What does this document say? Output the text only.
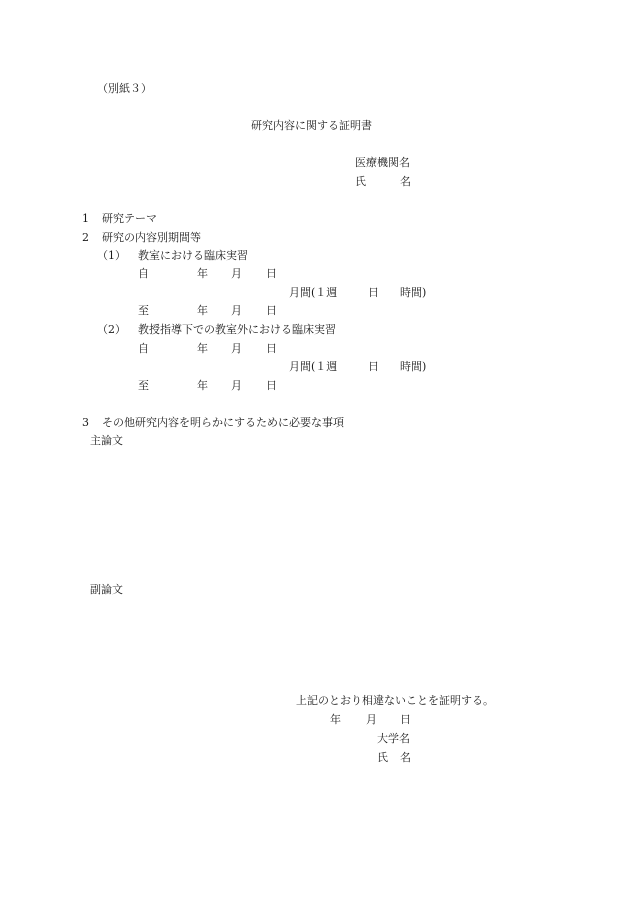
（別紙３）
研究内容に関する証明書
医療機関名
氏	名
1 研究テーマ
2 研究の内容別期間等
（1） 教室における臨床実習
自	年 月 日
月間(１週	日 時間)
至	年 月 日
（2） 教授指導下での教室外における臨床実習
自	年 月 日
月間(１週	日 時間)
至	年 月 日
3 その他研究内容を明らかにするために必要な事項
主論文
副論文
上記のとおり相違ないことを証明する。
年 月 日
大学名
氏 名
